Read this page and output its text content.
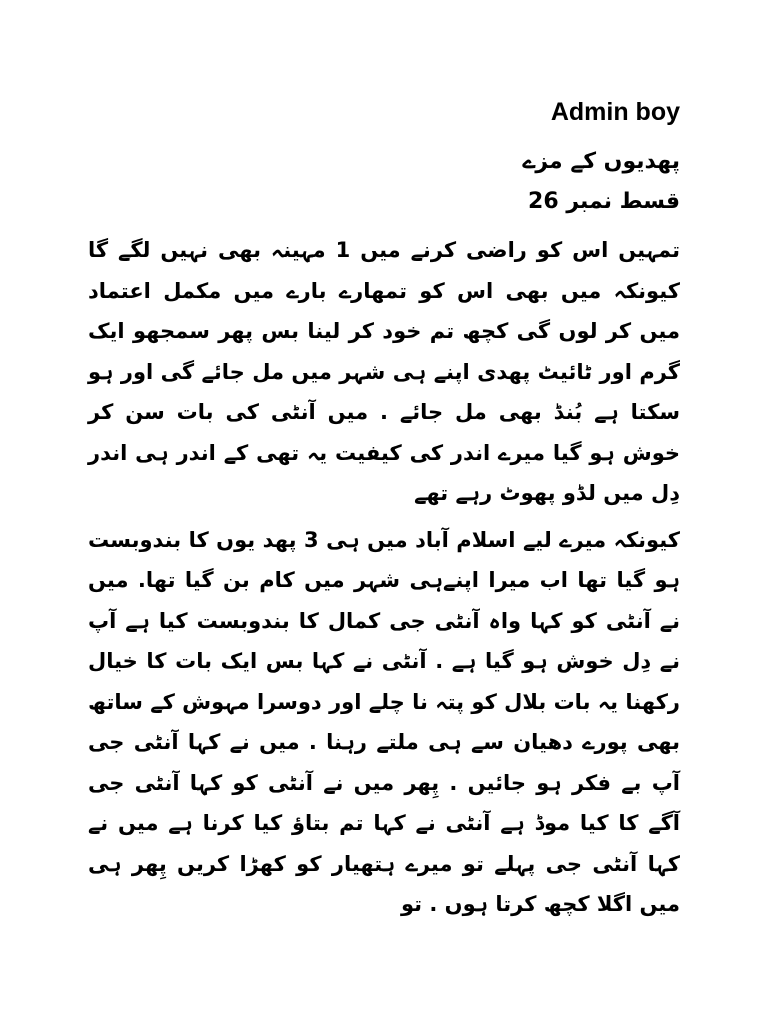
Admin boy
پھدیوں کے مزے
قسط نمبر 26

تمہیں اس کو راضی کرنے میں 1 مہینہ بھی نہیں لگے گا کیونکہ میں بھی اس کو تمھارے بارے میں مکمل اعتماد میں کر لوں گی کچھ تم خود کر لینا بس پھر سمجھو ایک گرم اور ٹائیٹ پھدی اپنے ہی شہر میں مل جائے گی اور ہو سکتا ہے بُنڈ بھی مل جائے . میں آنٹی کی بات سن کر خوش ہو گیا میرے اندر کی کیفیت یہ تھی کے اندر ہی اندر دِل میں لڈو پھوٹ رہے تھے

کیونکہ میرے لیے اسلام آباد میں ہی 3 پھد یوں کا بندوبست ہو گیا تھا اب میرا اپنےہی شہر میں کام بن گیا تھا. میں نے آنٹی کو کہا واہ آنٹی جی کمال کا بندوبست کیا ہے آپ نے دِل خوش ہو گیا ہے . آنٹی نے کہا بس ایک بات کا خیال رکھنا یہ بات بلال کو پتہ نا چلے اور دوسرا مہوش کے ساتھ بھی پورے دھیان سے ہی ملتے رہنا . میں نے کہا آنٹی جی آپ بے فکر ہو جائیں . پِھر میں نے آنٹی کو کہا آنٹی جی آگے کا کیا موڈ ہے آنٹی نے کہا تم بتاؤ کیا کرنا ہے میں نے کہا آنٹی جی پہلے تو میرے ہتھیار کو کھڑا کریں پِھر ہی میں اگلا کچھ کرتا ہوں . تو
